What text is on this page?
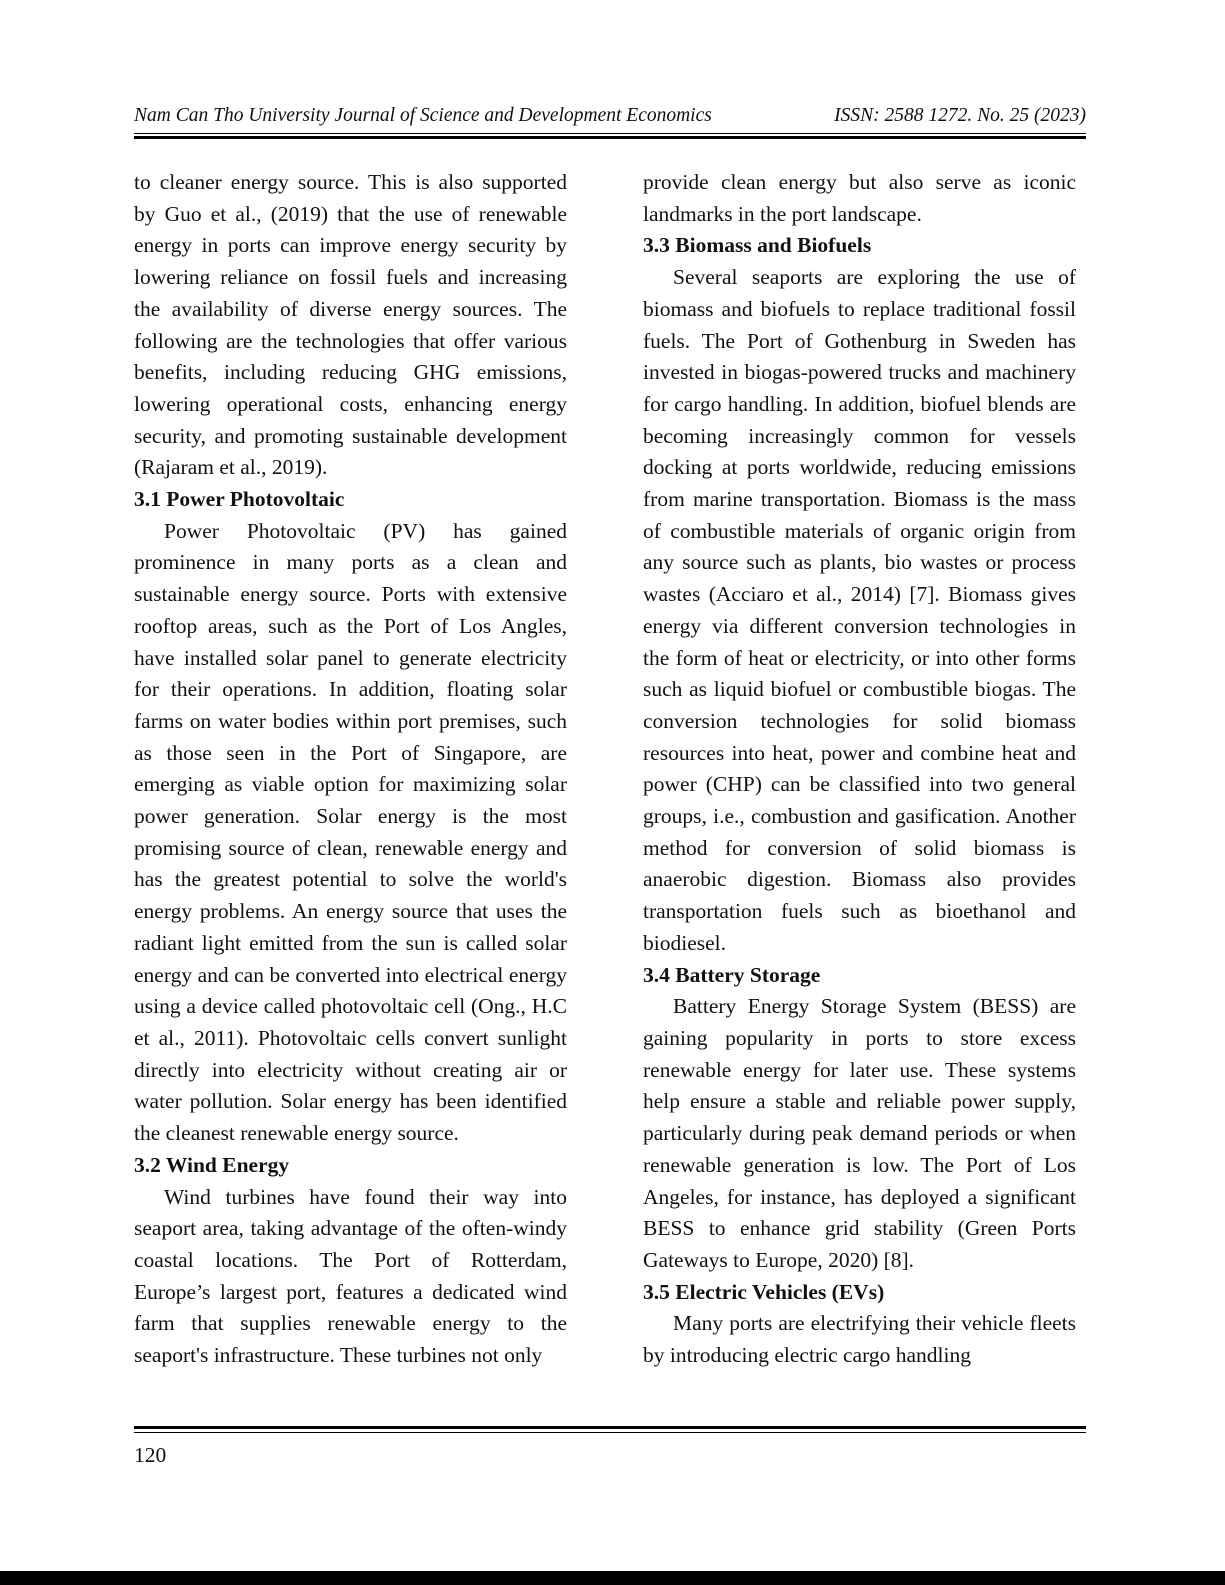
Nam Can Tho University Journal of Science and Development Economics	ISSN: 2588 1272. No. 25 (2023)

to cleaner energy source. This is also supported by Guo et al., (2019) that the use of renewable energy in ports can improve energy security by lowering reliance on fossil fuels and increasing the availability of diverse energy sources. The following are the technologies that offer various benefits, including reducing GHG emissions, lowering operational costs, enhancing energy security, and promoting sustainable development (Rajaram et al., 2019).

3.1 Power Photovoltaic

Power Photovoltaic (PV) has gained prominence in many ports as a clean and sustainable energy source. Ports with extensive rooftop areas, such as the Port of Los Angles, have installed solar panel to generate electricity for their operations. In addition, floating solar farms on water bodies within port premises, such as those seen in the Port of Singapore, are emerging as viable option for maximizing solar power generation. Solar energy is the most promising source of clean, renewable energy and has the greatest potential to solve the world's energy problems. An energy source that uses the radiant light emitted from the sun is called solar energy and can be converted into electrical energy using a device called photovoltaic cell (Ong., H.C et al., 2011). Photovoltaic cells convert sunlight directly into electricity without creating air or water pollution. Solar energy has been identified the cleanest renewable energy source.

3.2 Wind Energy

Wind turbines have found their way into seaport area, taking advantage of the often-windy coastal locations. The Port of Rotterdam, Europe’s largest port, features a dedicated wind farm that supplies renewable energy to the seaport's infrastructure. These turbines not only

provide clean energy but also serve as iconic landmarks in the port landscape.

3.3 Biomass and Biofuels

Several seaports are exploring the use of biomass and biofuels to replace traditional fossil fuels. The Port of Gothenburg in Sweden has invested in biogas-powered trucks and machinery for cargo handling. In addition, biofuel blends are becoming increasingly common for vessels docking at ports worldwide, reducing emissions from marine transportation. Biomass is the mass of combustible materials of organic origin from any source such as plants, bio wastes or process wastes (Acciaro et al., 2014) [7]. Biomass gives energy via different conversion technologies in the form of heat or electricity, or into other forms such as liquid biofuel or combustible biogas. The conversion technologies for solid biomass resources into heat, power and combine heat and power (CHP) can be classified into two general groups, i.e., combustion and gasification. Another method for conversion of solid biomass is anaerobic digestion. Biomass also provides transportation fuels such as bioethanol and biodiesel.

3.4 Battery Storage

Battery Energy Storage System (BESS) are gaining popularity in ports to store excess renewable energy for later use. These systems help ensure a stable and reliable power supply, particularly during peak demand periods or when renewable generation is low. The Port of Los Angeles, for instance, has deployed a significant BESS to enhance grid stability (Green Ports Gateways to Europe, 2020) [8].

3.5 Electric Vehicles (EVs)

Many ports are electrifying their vehicle fleets by introducing electric cargo handling

120
